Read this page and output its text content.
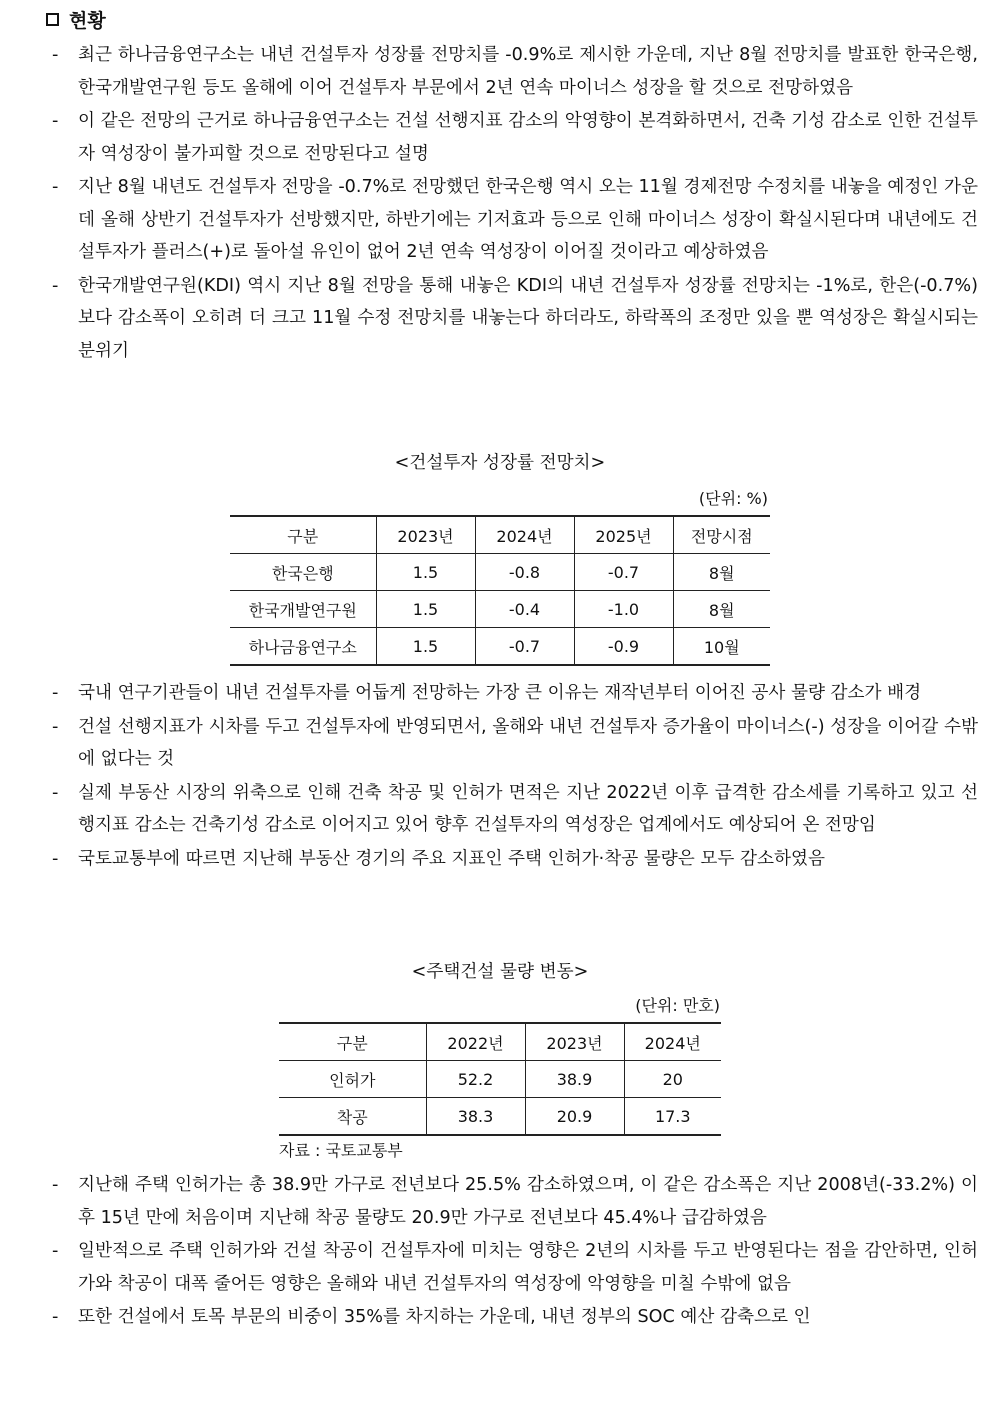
현황
- 최근 하나금융연구소는 내년 건설투자 성장률 전망치를 -0.9%로 제시한 가운데, 지난 8월 전망치를 발표한 한국은행, 한국개발연구원 등도 올해에 이어 건설투자 부문에서 2년 연속 마이너스 성장을 할 것으로 전망하였음
- 이 같은 전망의 근거로 하나금융연구소는 건설 선행지표 감소의 악영향이 본격화하면서, 건축 기성 감소로 인한 건설투자 역성장이 불가피할 것으로 전망된다고 설명
- 지난 8월 내년도 건설투자 전망을 -0.7%로 전망했던 한국은행 역시 오는 11월 경제전망 수정치를 내놓을 예정인 가운데 올해 상반기 건설투자가 선방했지만, 하반기에는 기저효과 등으로 인해 마이너스 성장이 확실시된다며 내년에도 건설투자가 플러스(+)로 돌아설 유인이 없어 2년 연속 역성장이 이어질 것이라고 예상하였음
- 한국개발연구원(KDI) 역시 지난 8월 전망을 통해 내놓은 KDI의 내년 건설투자 성장률 전망치는 -1%로, 한은(-0.7%)보다 감소폭이 오히려 더 크고 11월 수정 전망치를 내놓는다 하더라도, 하락폭의 조정만 있을 뿐 역성장은 확실시되는 분위기
<건설투자 성장률 전망치>
(단위: %)
구분	2023년	2024년	2025년	전망시점
한국은행	1.5	-0.8	-0.7	8월
한국개발연구원	1.5	-0.4	-1.0	8월
하나금융연구소	1.5	-0.7	-0.9	10월
- 국내 연구기관들이 내년 건설투자를 어둡게 전망하는 가장 큰 이유는 재작년부터 이어진 공사 물량 감소가 배경
- 건설 선행지표가 시차를 두고 건설투자에 반영되면서, 올해와 내년 건설투자 증가율이 마이너스(-) 성장을 이어갈 수밖에 없다는 것
- 실제 부동산 시장의 위축으로 인해 건축 착공 및 인허가 면적은 지난 2022년 이후 급격한 감소세를 기록하고 있고 선행지표 감소는 건축기성 감소로 이어지고 있어 향후 건설투자의 역성장은 업계에서도 예상되어 온 전망임
- 국토교통부에 따르면 지난해 부동산 경기의 주요 지표인 주택 인허가·착공 물량은 모두 감소하였음
<주택건설 물량 변동>
(단위: 만호)
구분	2022년	2023년	2024년
인허가	52.2	38.9	20
착공	38.3	20.9	17.3
자료 : 국토교통부
- 지난해 주택 인허가는 총 38.9만 가구로 전년보다 25.5% 감소하였으며, 이 같은 감소폭은 지난 2008년(-33.2%) 이후 15년 만에 처음이며 지난해 착공 물량도 20.9만 가구로 전년보다 45.4%나 급감하였음
- 일반적으로 주택 인허가와 건설 착공이 건설투자에 미치는 영향은 2년의 시차를 두고 반영된다는 점을 감안하면, 인허가와 착공이 대폭 줄어든 영향은 올해와 내년 건설투자의 역성장에 악영향을 미칠 수밖에 없음
- 또한 건설에서 토목 부문의 비중이 35%를 차지하는 가운데, 내년 정부의 SOC 예산 감축으로 인
